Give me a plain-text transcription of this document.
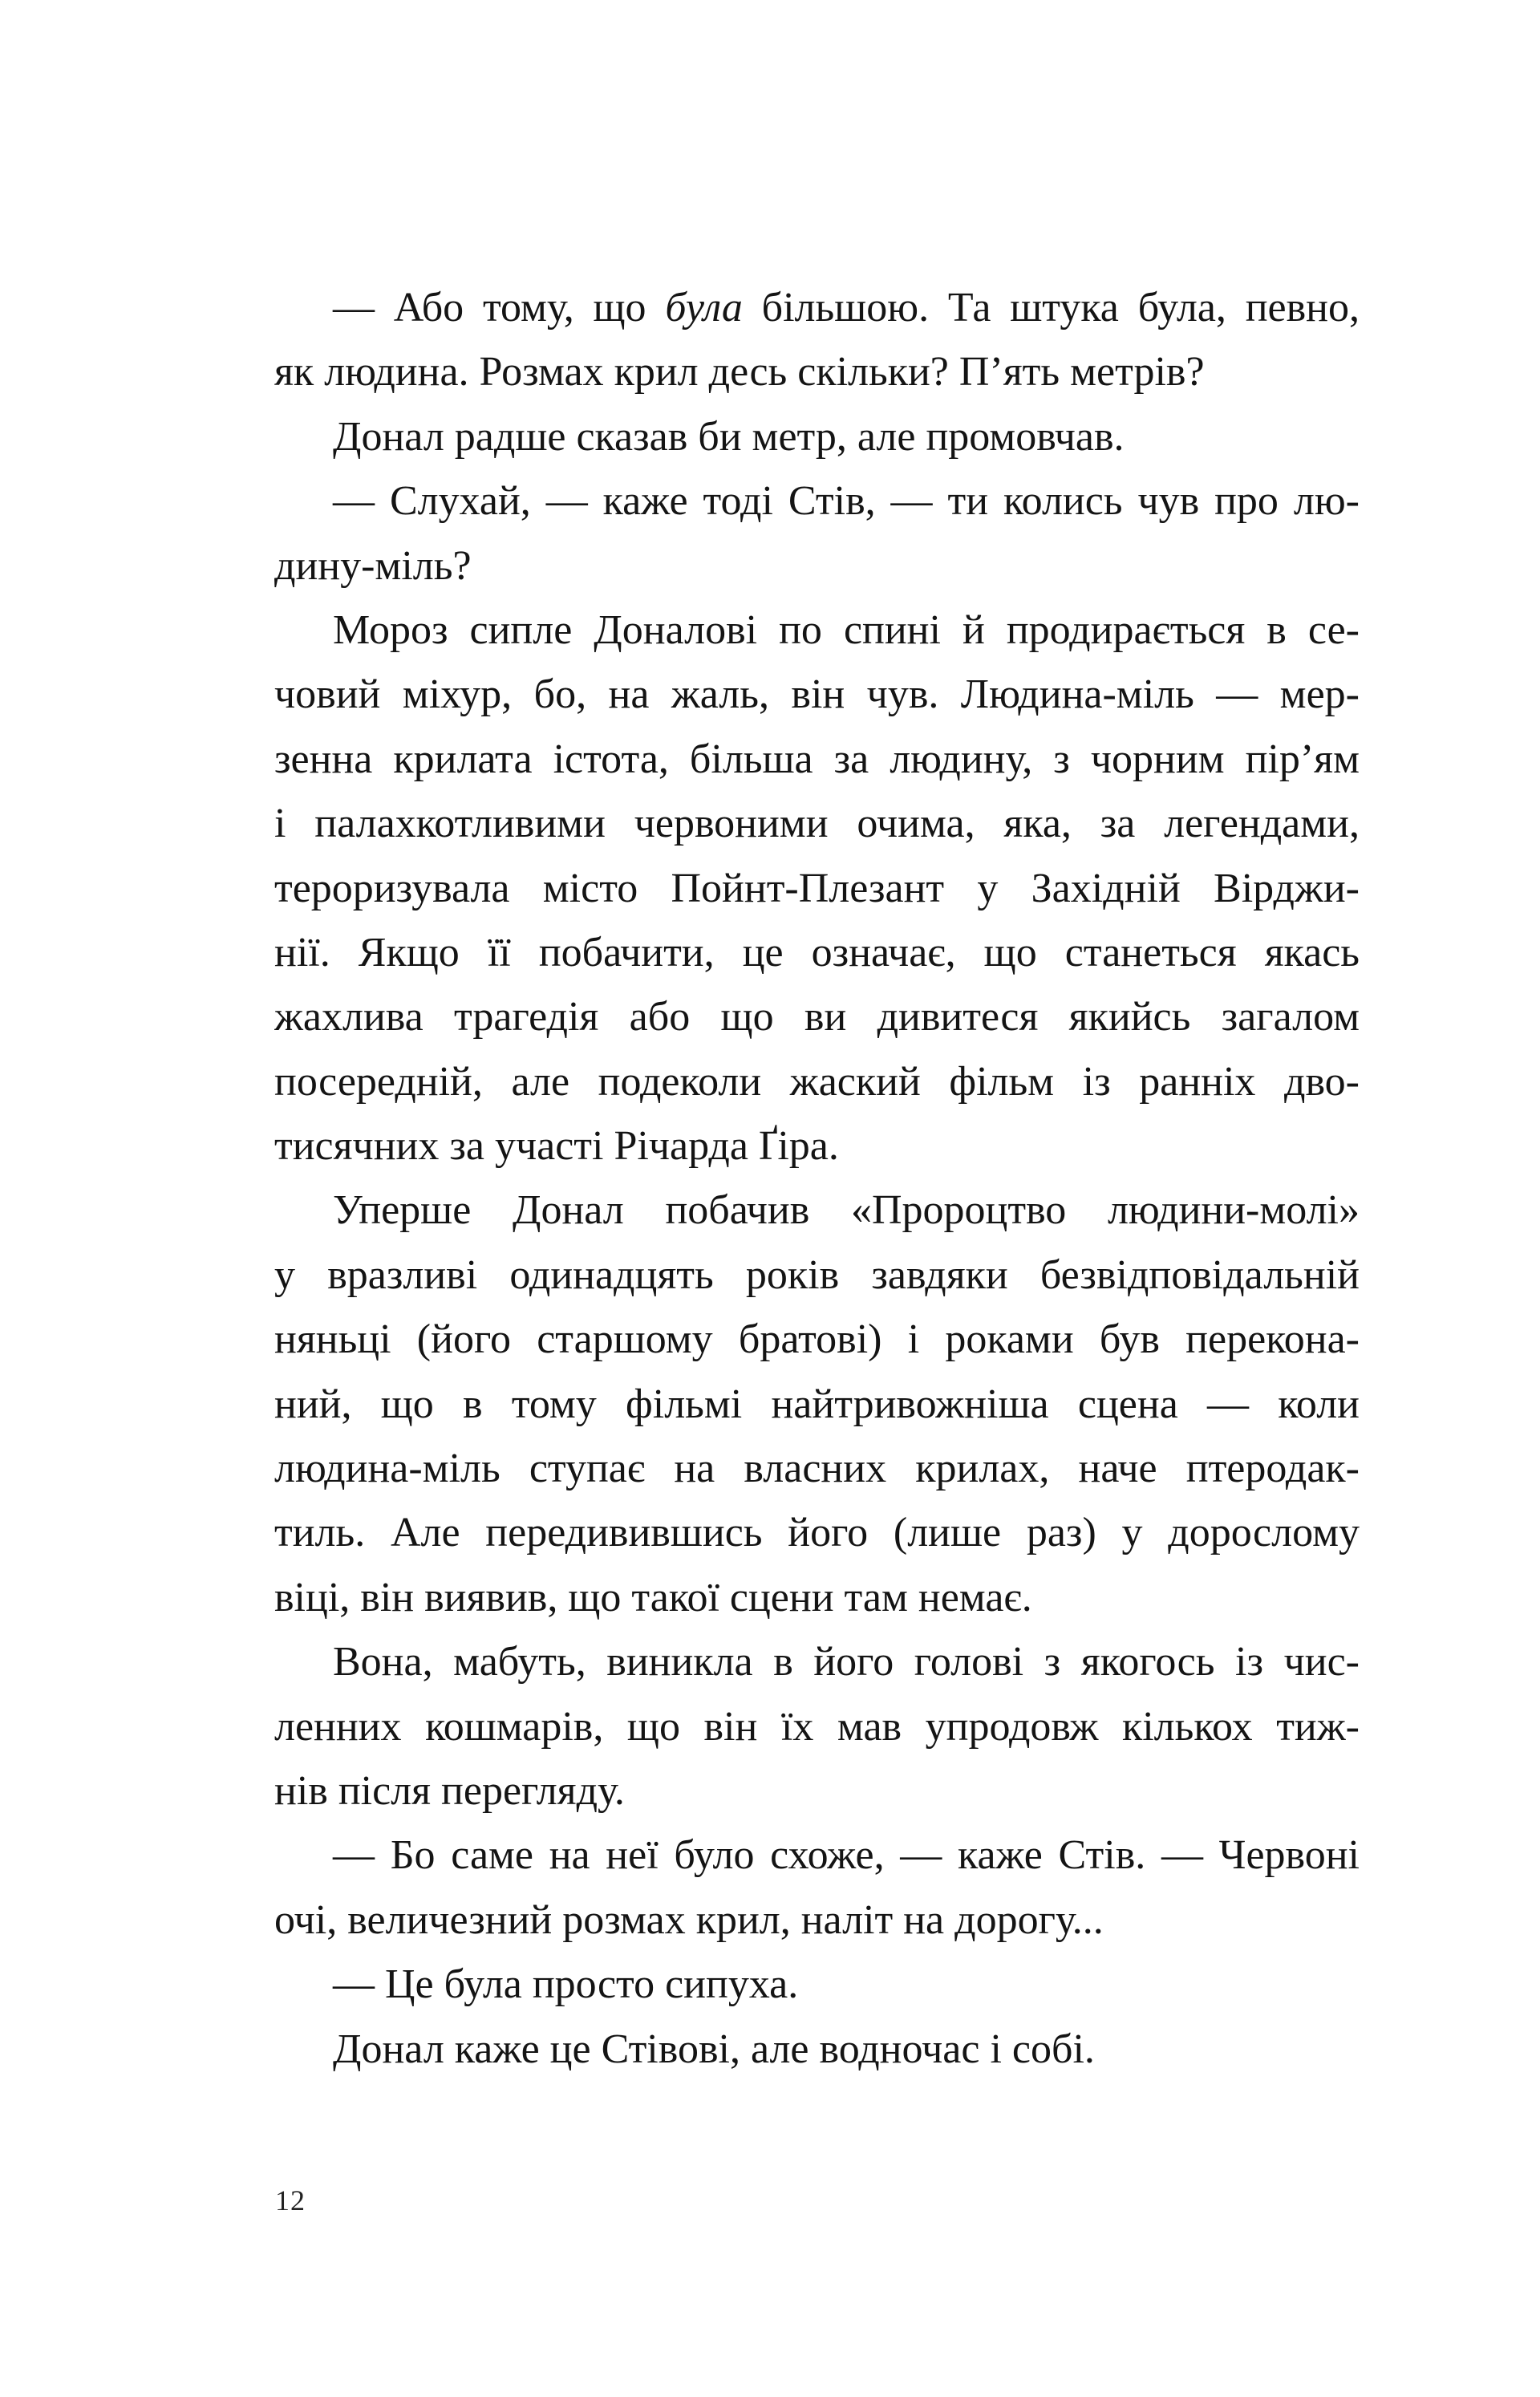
— Або тому, що була більшою. Та штука була, певно,
як людина. Розмах крил десь скільки? П’ять метрів?
Донал радше сказав би метр, але промовчав.
— Слухай, — каже тоді Стів, — ти колись чув про лю-
дину-міль?
Мороз сипле Доналові по спині й продирається в се-
човий міхур, бо, на жаль, він чув. Людина-міль — мер-
зенна крилата істота, більша за людину, з чорним пір’ям
і палахкотливими червоними очима, яка, за легендами,
тероризувала місто Пойнт-Плезант у Західній Вірджи-
нії. Якщо її побачити, це означає, що станеться якась
жахлива трагедія або що ви дивитеся якийсь загалом
посередній, але подеколи жаский фільм із ранніх дво-
тисячних за участі Річарда Ґіра.
Уперше Донал побачив «Пророцтво людини-молі»
у вразливі одинадцять років завдяки безвідповідальній
няньці (його старшому братові) і роками був перекона-
ний, що в тому фільмі найтривожніша сцена — коли
людина-міль ступає на власних крилах, наче птеродак-
тиль. Але передивившись його (лише раз) у дорослому
віці, він виявив, що такої сцени там немає.
Вона, мабуть, виникла в його голові з якогось із чис-
ленних кошмарів, що він їх мав упродовж кількох тиж-
нів після перегляду.
— Бо саме на неї було схоже, — каже Стів. — Червоні
очі, величезний розмах крил, наліт на дорогу...
— Це була просто сипуха.
Донал каже це Стівові, але водночас і собі.
12
